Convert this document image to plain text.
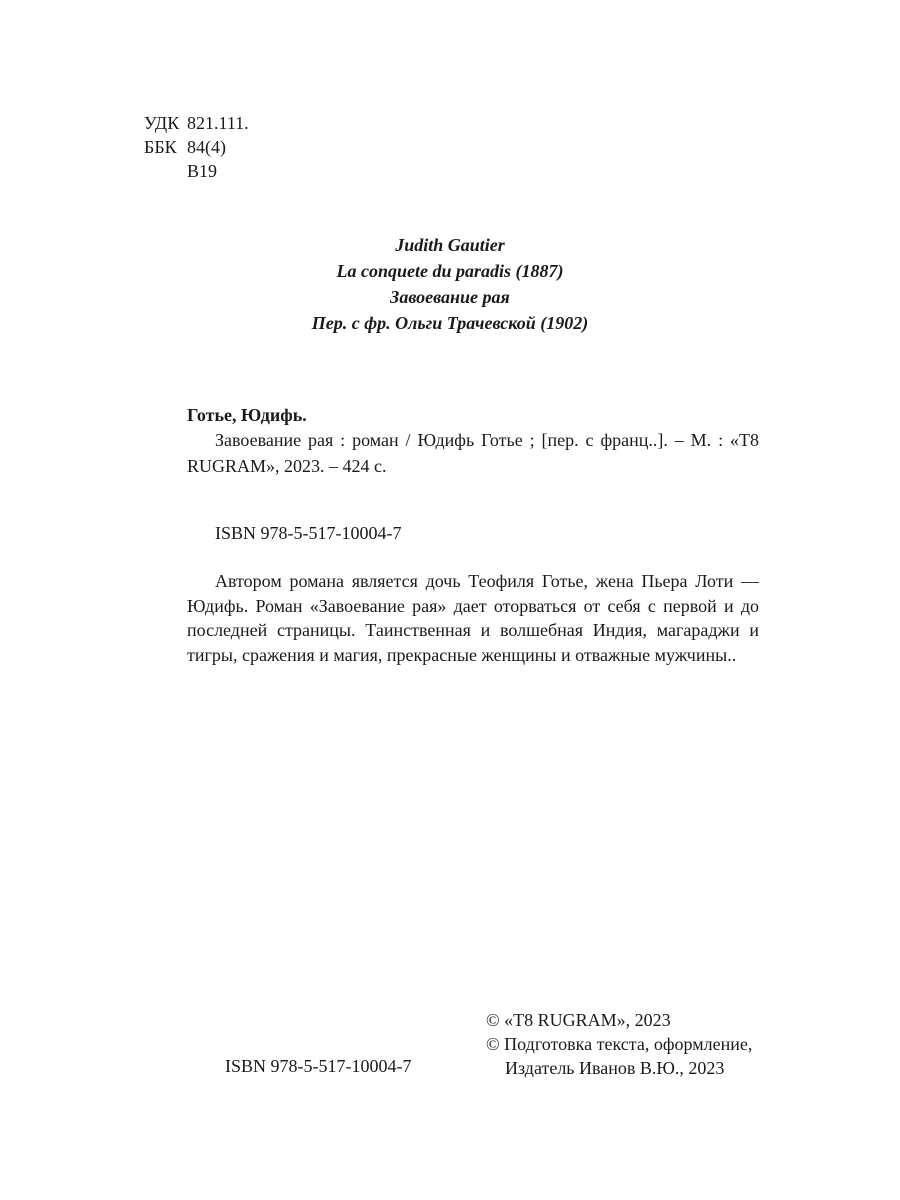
УДК 821.111.
ББК 84(4)
В19
Judith Gautier
La conquete du paradis (1887)
Завоевание рая
Пер. с фр. Ольги Трачевской (1902)
Готье, Юдифь.
Завоевание рая : роман / Юдифь Готье ; [пер. с франц..]. – М. : «Т8 RUGRAM», 2023. – 424 с.
ISBN 978-5-517-10004-7
Автором романа является дочь Теофиля Готье, жена Пьера Лоти — Юдифь. Роман «Завоевание рая» дает оторваться от себя с первой и до последней страницы. Таинственная и волшебная Индия, магараджи и тигры, сражения и магия, прекрасные женщины и отважные мужчины..
ISBN 978-5-517-10004-7
© «Т8 RUGRAM», 2023
© Подготовка текста, оформление,
Издатель Иванов В.Ю., 2023
